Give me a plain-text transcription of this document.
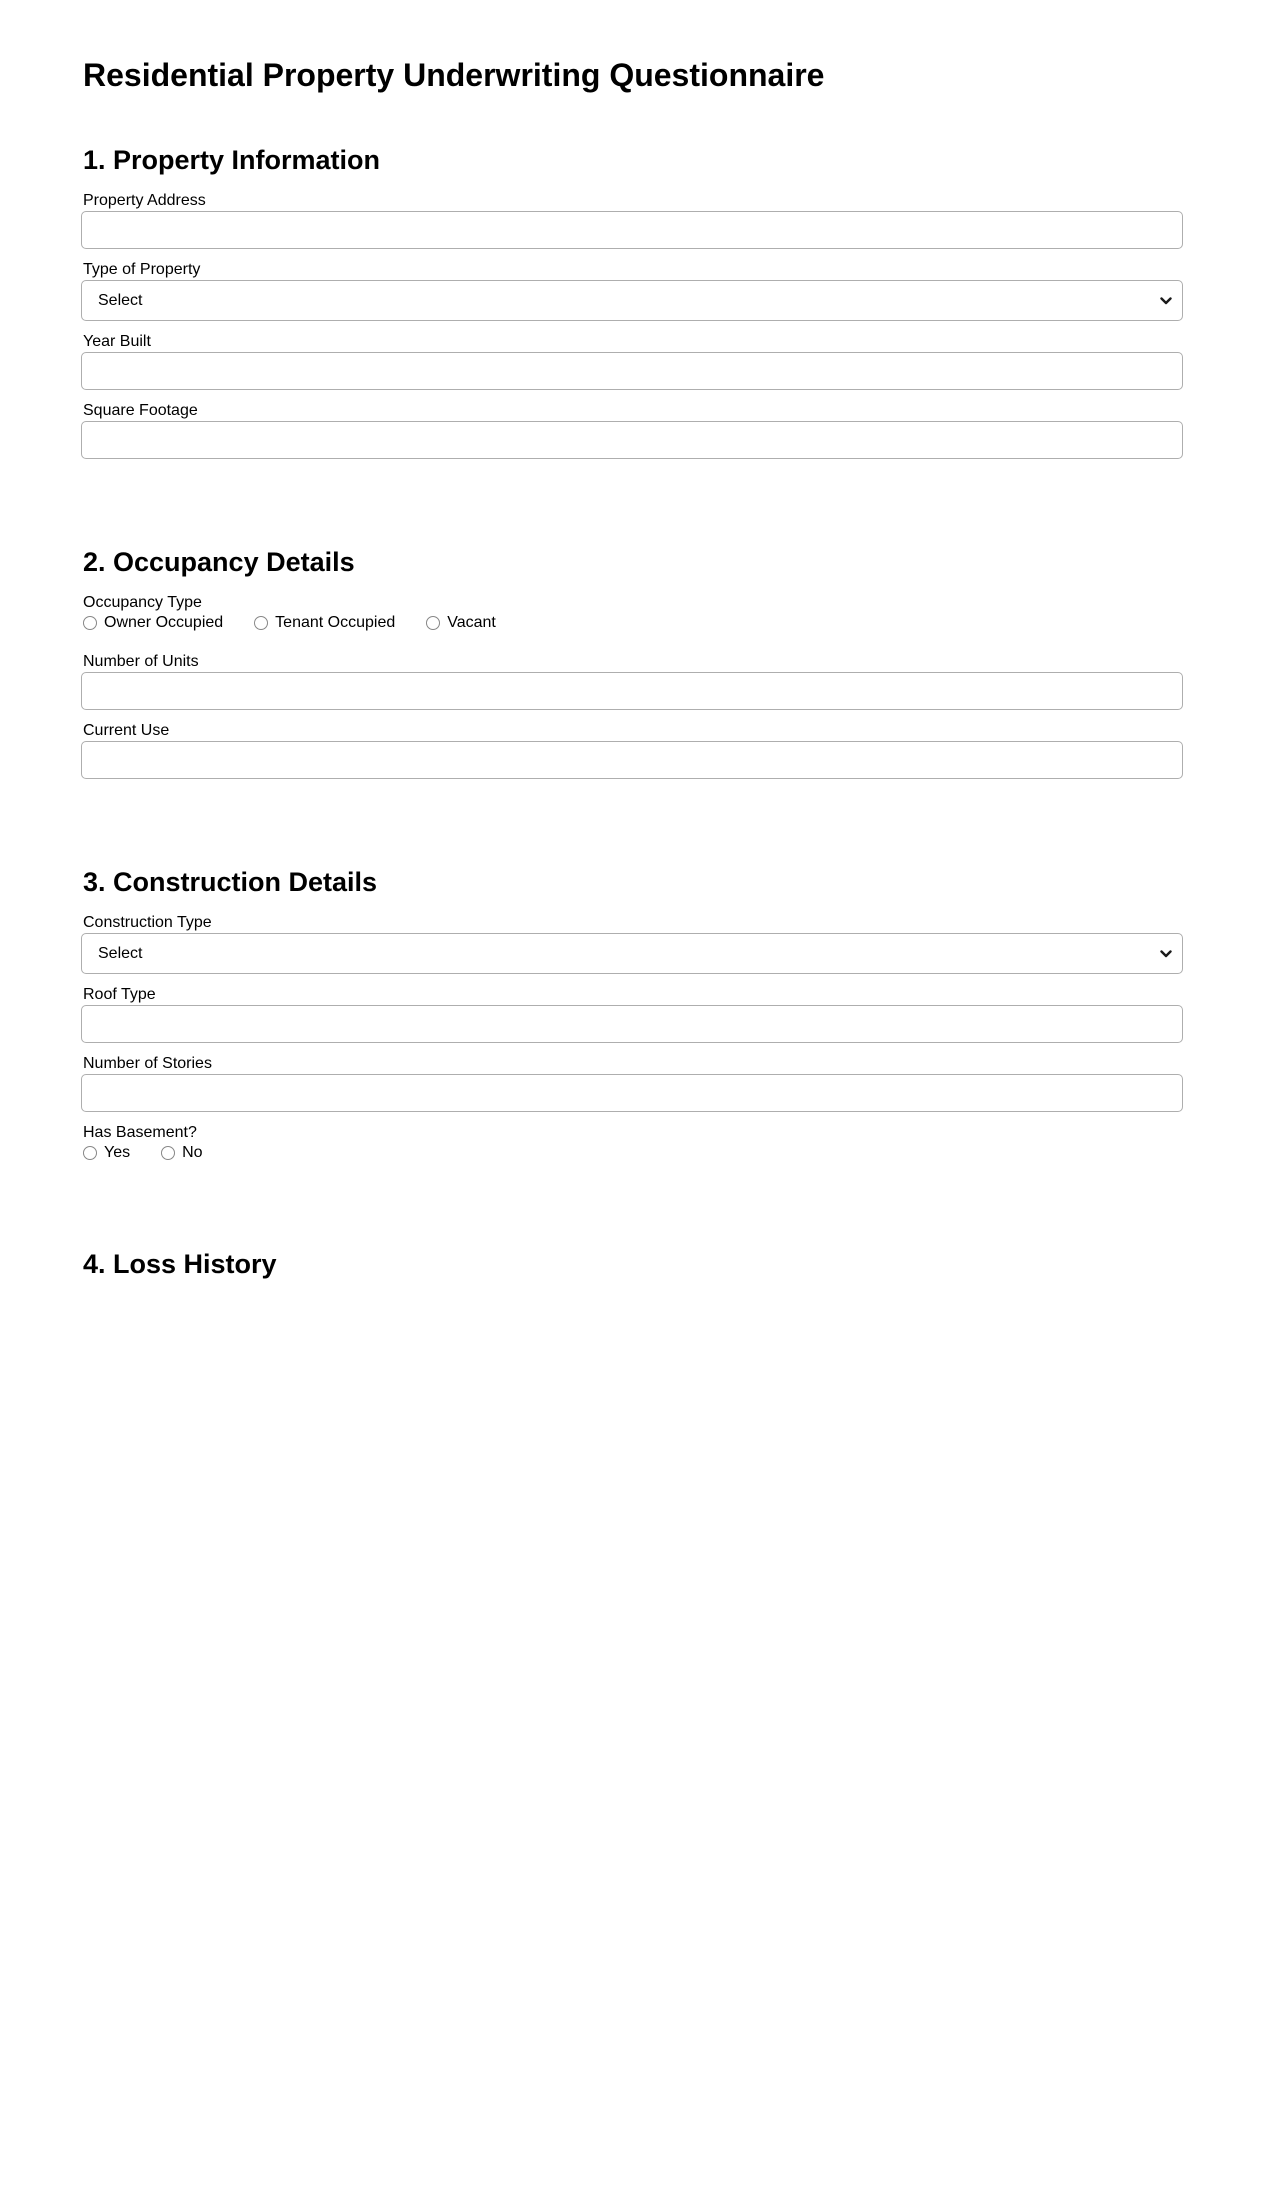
Residential Property Underwriting Questionnaire
1. Property Information
Property Address
Type of Property
Select
Year Built
Square Footage
2. Occupancy Details
Occupancy Type
Owner Occupied	Tenant Occupied	Vacant
Number of Units
Current Use
3. Construction Details
Construction Type
Select
Roof Type
Number of Stories
Has Basement?
Yes	No
4. Loss History
